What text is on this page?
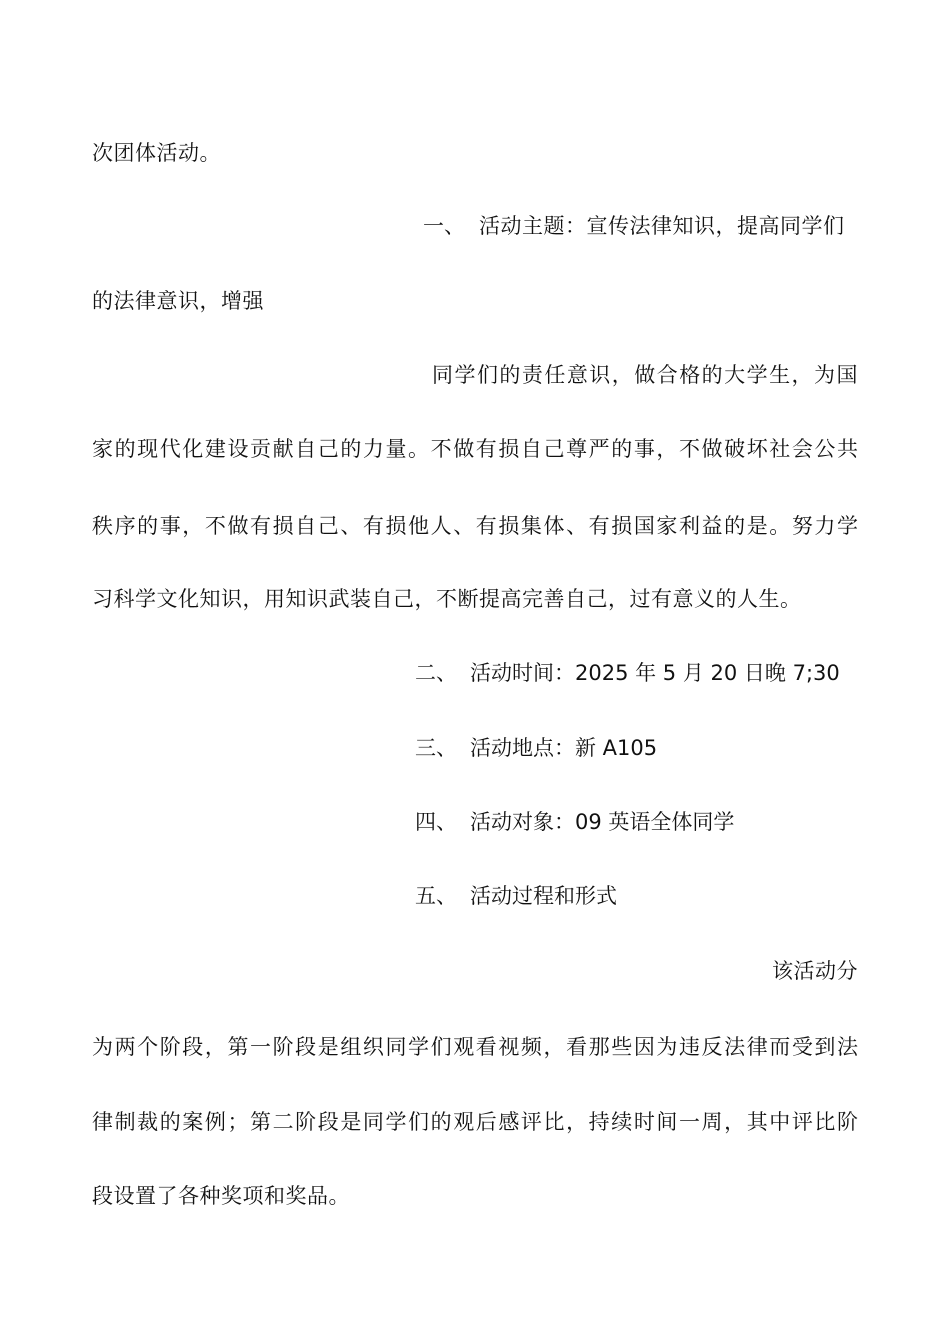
次团体活动。

一、 活动主题：宣传法律知识，提高同学们

的法律意识，增强

同学们的责任意识，做合格的大学生，为国

家的现代化建设贡献自己的力量。不做有损自己尊严的事，不做破坏社会公共

秩序的事，不做有损自己、有损他人、有损集体、有损国家利益的是。努力学

习科学文化知识，用知识武装自己，不断提高完善自己，过有意义的人生。

二、 活动时间：2025 年 5 月 20 日晚 7;30
三、 活动地点：新 A105
四、 活动对象：09 英语全体同学
五、 活动过程和形式

该活动分

为两个阶段，第一阶段是组织同学们观看视频，看那些因为违反法律而受到法

律制裁的案例；第二阶段是同学们的观后感评比，持续时间一周，其中评比阶

段设置了各种奖项和奖品。
